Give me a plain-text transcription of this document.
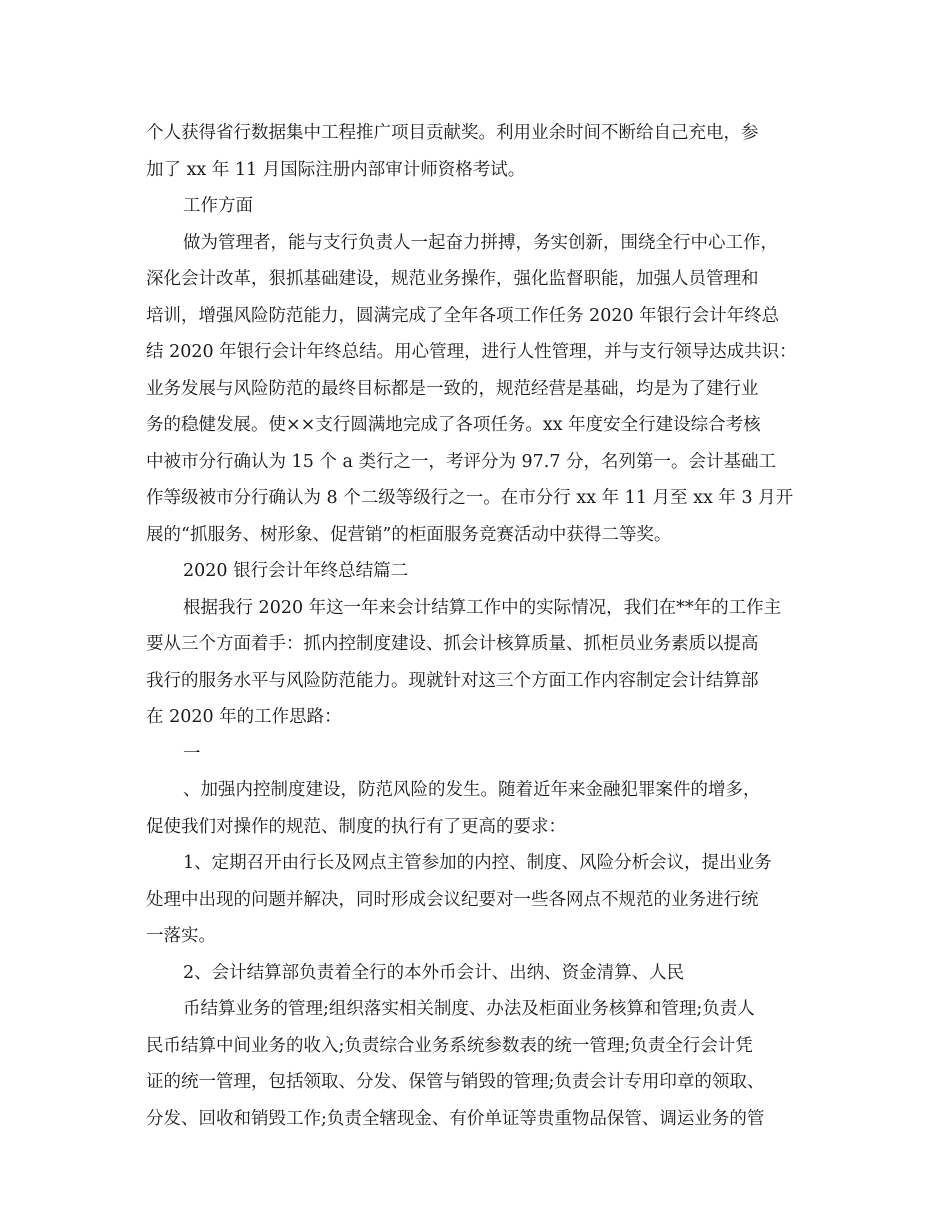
个人获得省行数据集中工程推广项目贡献奖。利用业余时间不断给自己充电，参
加了 xx 年 11 月国际注册内部审计师资格考试。
工作方面
做为管理者，能与支行负责人一起奋力拼搏，务实创新，围绕全行中心工作，
深化会计改革，狠抓基础建设，规范业务操作，强化监督职能，加强人员管理和
培训，增强风险防范能力，圆满完成了全年各项工作任务 2020 年银行会计年终总
结 2020 年银行会计年终总结。用心管理，进行人性管理，并与支行领导达成共识：
业务发展与风险防范的最终目标都是一致的，规范经营是基础，均是为了建行业
务的稳健发展。使××支行圆满地完成了各项任务。xx 年度安全行建设综合考核
中被市分行确认为 15 个 a 类行之一，考评分为 97.7 分，名列第一。会计基础工
作等级被市分行确认为 8 个二级等级行之一。在市分行 xx 年 11 月至 xx 年 3 月开
展的“抓服务、树形象、促营销”的柜面服务竞赛活动中获得二等奖。
2020 银行会计年终总结篇二
根据我行 2020 年这一年来会计结算工作中的实际情况，我们在**年的工作主
要从三个方面着手：抓内控制度建设、抓会计核算质量、抓柜员业务素质以提高
我行的服务水平与风险防范能力。现就针对这三个方面工作内容制定会计结算部
在 2020 年的工作思路：
一
、加强内控制度建设，防范风险的发生。随着近年来金融犯罪案件的增多，
促使我们对操作的规范、制度的执行有了更高的要求：
1、定期召开由行长及网点主管参加的内控、制度、风险分析会议，提出业务
处理中出现的问题并解决，同时形成会议纪要对一些各网点不规范的业务进行统
一落实。
2、会计结算部负责着全行的本外币会计、出纳、资金清算、人民
币结算业务的管理;组织落实相关制度、办法及柜面业务核算和管理;负责人
民币结算中间业务的收入;负责综合业务系统参数表的统一管理;负责全行会计凭
证的统一管理，包括领取、分发、保管与销毁的管理;负责会计专用印章的领取、
分发、回收和销毁工作;负责全辖现金、有价单证等贵重物品保管、调运业务的管
